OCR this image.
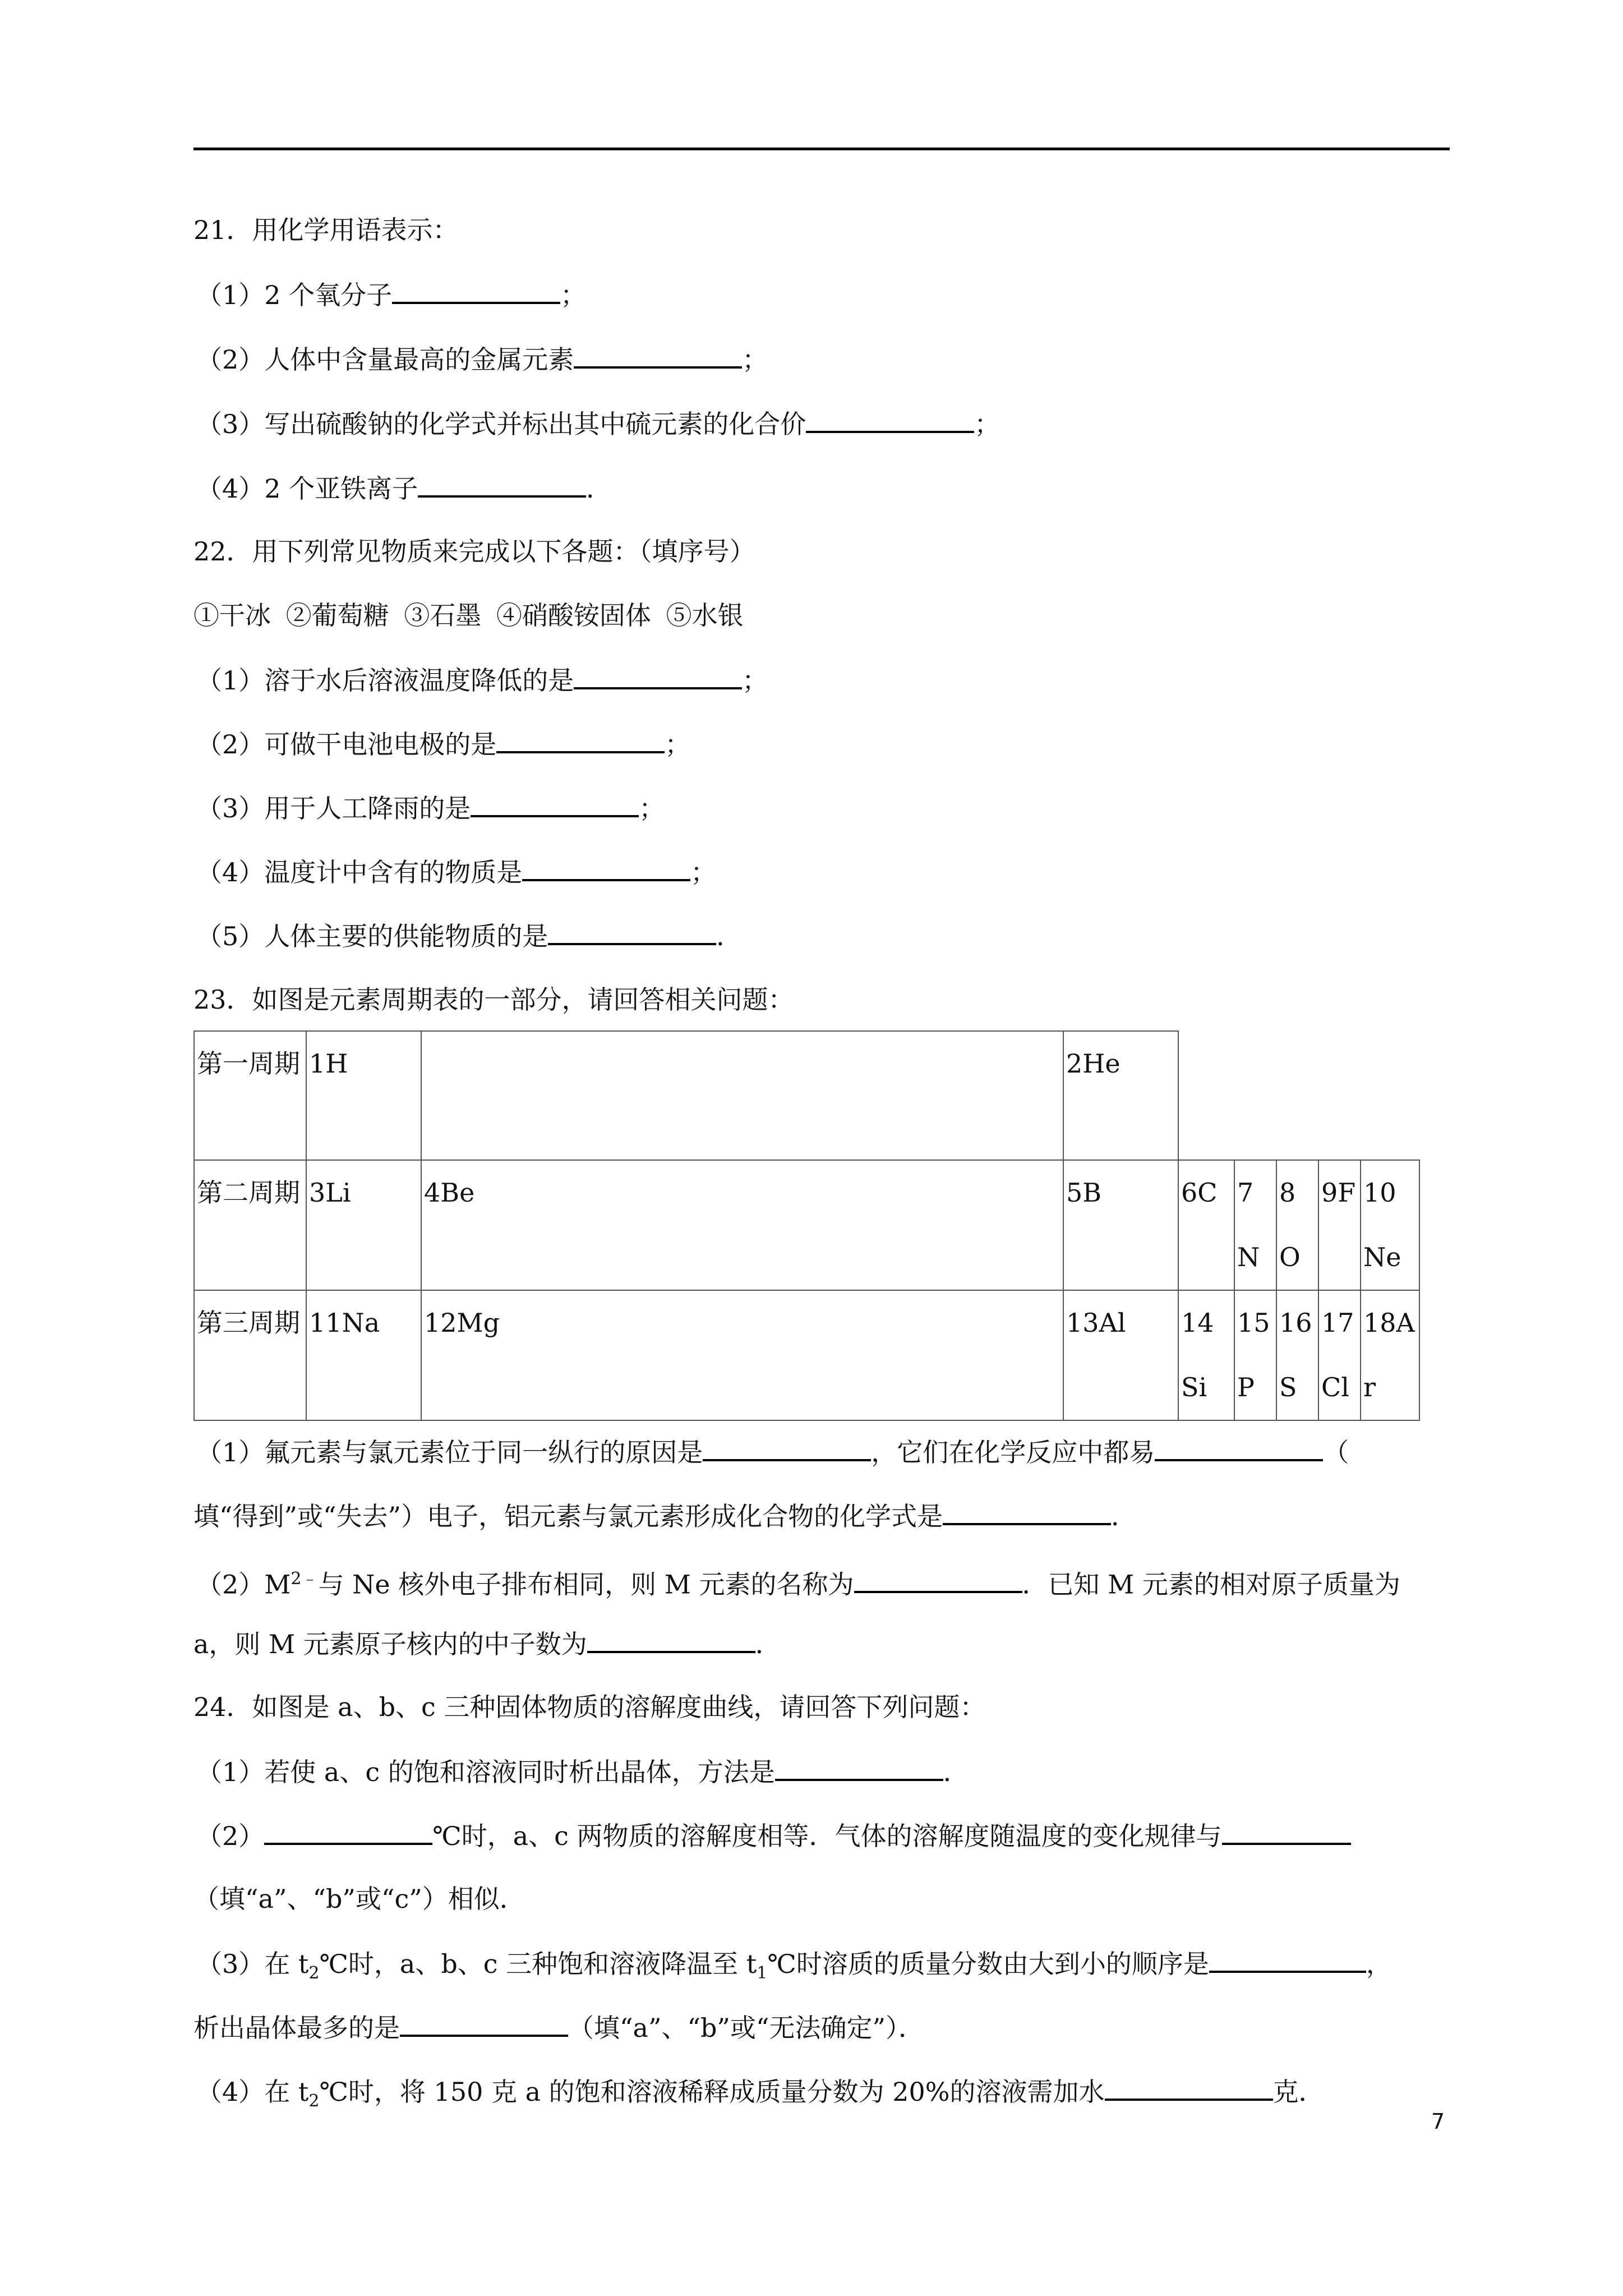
21．用化学用语表示：
（1）2 个氧分子	；
（2）人体中含量最高的金属元素	；
（3）写出硫酸钠的化学式并标出其中硫元素的化合价	；
（4）2 个亚铁离子	．
22．用下列常见物质来完成以下各题：（填序号）
①干冰 ②葡萄糖 ③石墨 ④硝酸铵固体 ⑤水银
（1）溶于水后溶液温度降低的是	；
（2）可做干电池电极的是	；
（3）用于人工降雨的是	；
（4）温度计中含有的物质是	；
（5）人体主要的供能物质的是	．
23．如图是元素周期表的一部分，请回答相关问题：
第一周期	1H		2He					
第二周期	3Li	4Be	5B	6C	7N	8O	9F	10Ne
第三周期	11Na	12Mg	13Al	14Si	15P	16S	17Cl	18Ar
（1）氟元素与氯元素位于同一纵行的原因是	，它们在化学反应中都易	（
填“得到”或“失去”）电子，铝元素与氯元素形成化合物的化学式是	．
$(2)M^{2﹣}$与 Ne 核外电子排布相同，则 M 元素的名称为	．已知 M 元素的相对原子质量为
a，则 M 元素原子核内的中子数为	．
24．如图是 a、b、c 三种固体物质的溶解度曲线，请回答下列问题：
（1）若使 a、c 的饱和溶液同时析出晶体，方法是	．
（2）	℃时，a、c 两物质的溶解度相等．气体的溶解度随温度的变化规律与
（填“a”、“b”或“c”）相似．
（3）在 $t_2℃$时，a、b、c 三种饱和溶液降温至 $t_1℃$时溶质的质量分数由大到小的顺序是	，
析出晶体最多的是	（填“a”、“b”或“无法确定”）．
（4）在 $t_2℃$时，将 150 克 a 的饱和溶液稀释成质量分数为 20%的溶液需加水	克．
7
